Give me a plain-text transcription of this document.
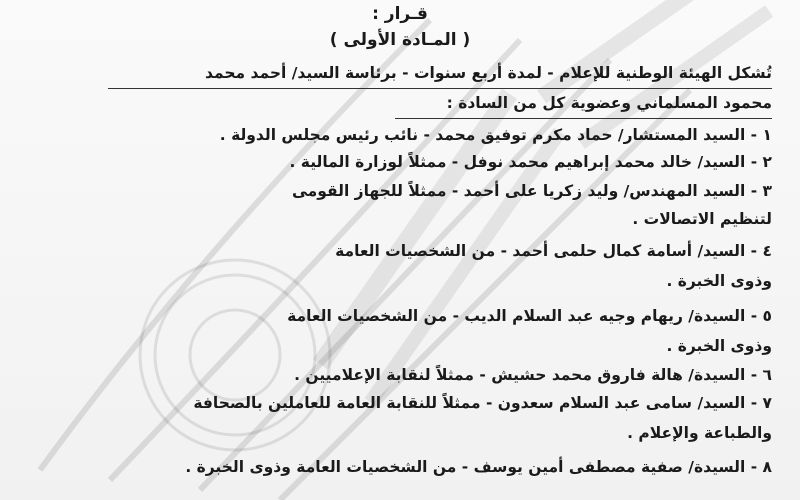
قـرار :
( المـادة الأولى )
تُشكل الهيئة الوطنية للإعلام - لمدة أربع سنوات - برئاسة السيد/ أحمد محمد
محمود المسلماني وعضوية كل من السادة :
١ - السيد المستشار/ حماد مكرم توفيق محمد - نائب رئيس مجلس الدولة .
٢ - السيد/ خالد محمد إبراهيم محمد نوفل - ممثلاً لوزارة المالية .
٣ - السيد المهندس/ وليد زكريا على أحمد - ممثلاً للجهاز القومى
لتنظيم الاتصالات .
٤ - السيد/ أسامة كمال حلمى أحمد - من الشخصيات العامة
وذوى الخبرة .
٥ - السيدة/ ريهام وجيه عبد السلام الديب - من الشخصيات العامة
وذوى الخبرة .
٦ - السيدة/ هالة فاروق محمد حشيش - ممثلاً لنقابة الإعلاميين .
٧ - السيد/ سامى عبد السلام سعدون - ممثلاً للنقابة العامة للعاملين بالصحافة
والطباعة والإعلام .
٨ - السيدة/ صفية مصطفى أمين يوسف - من الشخصيات العامة وذوى الخبرة .
